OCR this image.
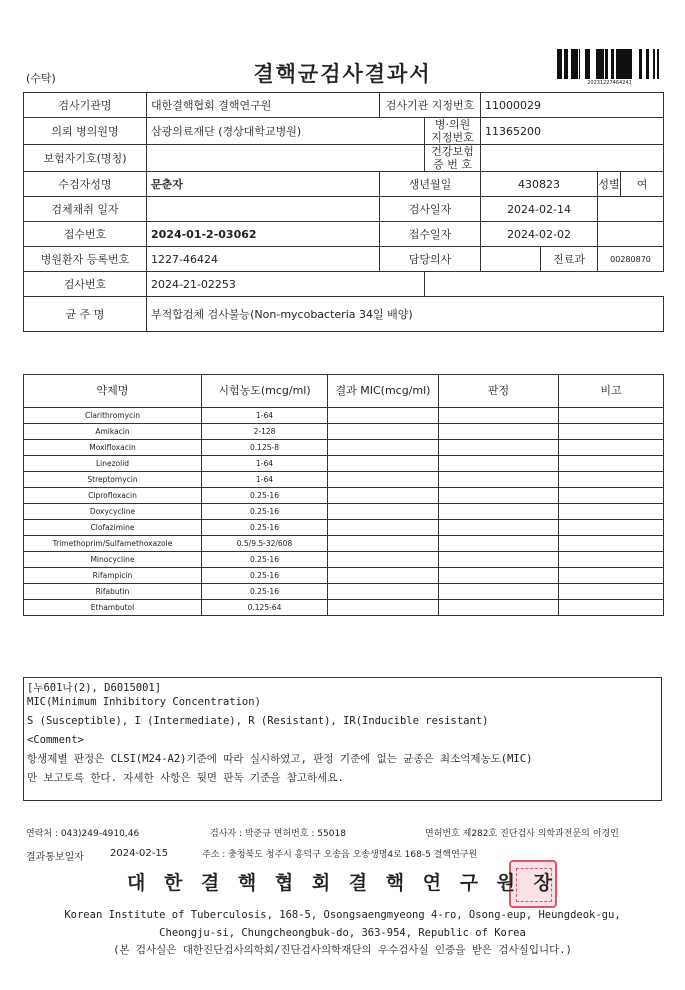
(수탁)	결핵균검사결과서	20231227464241
검사기관명	대한결핵협회 결핵연구원	검사기관 지정번호		11000029			
의뢰 병의원명	삼광의료재단 (경상대학교병원)		병·의원 지정번호	11365200			
보험자기호(명칭)			건강보험 증 번 호				
수검자성명	문춘자	생년월일		430823		성별	여
검체채취 일자		검사일자		2024-02-14			
접수번호	2024-01-2-03062	접수일자		2024-02-02			
병원환자 등록번호	1227-46424	담당의사			진료과	00280870	
검사번호	2024-21-02253						
균 주 명	부적합검체 검사불능(Non-mycobacteria 34일 배양)						
약제명	시험농도(mcg/ml)	결과 MIC(mcg/ml)	판정	비고
Clarithromycin	1-64			
Amikacin	2-128			
Moxifloxacin	0.125-8			
Linezolid	1-64			
Streptomycin	1-64			
Ciprofloxacin	0.25-16			
Doxycycline	0.25-16			
Clofazimine	0.25-16			
Trimethoprim/Sulfamethoxazole	0.5/9.5-32/608			
Minocycline	0.25-16			
Rifampicin	0.25-16			
Rifabutin	0.25-16			
Ethambutol	0.125-64			
[누601나(2), D6015001]
MIC(Minimum Inhibitory Concentration)
S (Susceptible), I (Intermediate), R (Resistant), IR(Inducible resistant)
<Comment>
항생제별 판정은 CLSI(M24-A2)기준에 따라 실시하였고, 판정 기준에 없는 균종은 최소억제농도(MIC)
만 보고토록 한다. 자세한 사항은 뒷면 판독 기준을 참고하세요.
연락처 : 043)249-4910,46	검사자 : 박준규 면허번호 : 55018	면허번호 제282호 진단검사 의학과전문의 이경인
결과통보일자	2024-02-15	주소 : 충청북도 청주시 흥덕구 오송읍 오송생명4로 168-5 결핵연구원
대 한 결 핵 협 회 결 핵 연 구 원 장
Korean Institute of Tuberculosis, 168-5, Osongsaengmyeong 4-ro, Osong-eup, Heungdeok-gu,
Cheongju-si, Chungcheongbuk-do, 363-954, Republic of Korea
(본 검사실은 대한진단검사의학회/진단검사의학재단의 우수검사실 인증을 받은 검사실입니다.)
